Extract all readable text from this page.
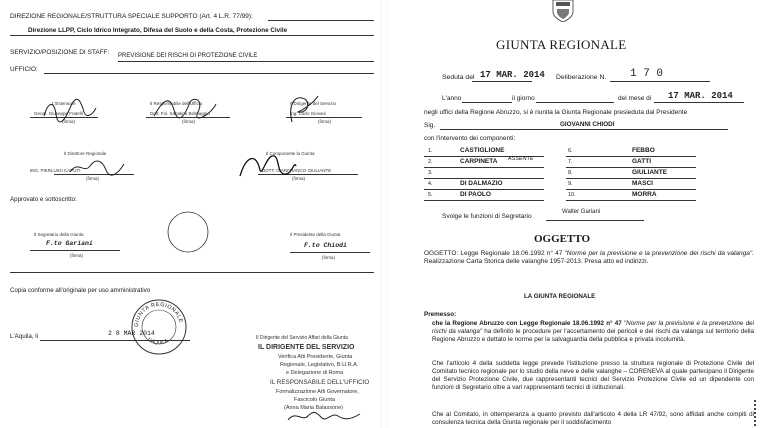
DIREZIONE REGIONALE/STRUTTURA SPECIALE SUPPORTO (Art. 4 L.R. 77/99):
Direzione LLPP, Ciclo Idrico Integrato, Difesa del Suolo e della Costa, Protezione Civile
SERVIZIO/POSIZIONE DI STAFF: PREVISIONE DEI RISCHI DI PROTEZIONE CIVILE
UFFICIO:
L'Estensore
Geom. Giuseppe Fratelli
(firma)
Il Responsabile dell'Ufficio
Dott. Fol. Sabatino Belmaggio
(firma)
Il Dirigente del Servizio
Ing. Carlo Giovani
(firma)
Il Direttore Regionale
ING. PIERLUIGI CAPUTI
(firma)
Il Componente la Giunta
DOTT. GIANFRANCO GIULIANTE
(firma)
Approvato e sottoscritto:
Il Segretario della Giunta
F.to Gariani
(firma)
Il Presidente della Giunta
F.to Chiodi
(firma)
Copia conforme all'originale per uso amministrativo
GIUNTA REGIONALE
L'AQUILA
L'Aquila, li	2 8 MAR 2014
Il Dirigente del Servizio Affari della Giunta
IL DIRIGENTE DEL SERVIZIO
Verifica Atti Presidente, Giunta
Regionale, Legislativo, B.U.R.A.
e Delegazione di Roma
IL RESPONSABILE DELL'UFFICIO
Formalizzazione Atti Governatore,
Fascicolo Giunta
(Anna Maria Balassone)
GIUNTA REGIONALE
Seduta del 17 MAR. 2014 Deliberazione N. 1 7 0
L'anno	il giorno	del mese di 17 MAR. 2014
negli uffici della Regione Abruzzo, si è riunita la Giunta Regionale presieduta dal Presidente
Sig.	GIOVANNI CHIODI
con l'intervento dei componenti:
1.	CASTIGLIONE
2.	CARPINETA ASSENTE
3.
4.	DI DALMAZIO
5.	DI PAOLO
6.	FEBBO
7.	GATTI
8.	GIULIANTE
9.	MASCI
10.	MORRA
Svolge le funzioni di Segretario
Walter Gariani
OGGETTO
OGGETTO: Legge Regionale 18.06.1992 n° 47 "Norme per la previsione e la prevenzione dei rischi da valanga". Realizzazione Carta Storica delle valanghe 1957-2013. Presa atto ed indirizzi.
LA GIUNTA REGIONALE
Premesso:
che la Regione Abruzzo con Legge Regionale 18.06.1992 n° 47 "Norme per la previsione e la prevenzione dei rischi da valanga" ha definito le procedure per l'accertamento dei pericoli e dei rischi da valanga sul territorio della Regione Abruzzo e dettato le norme per la salvaguardia della pubblica e privata incolumità.
Che l'articolo 4 della suddetta legge prevede l'istituzione presso la struttura regionale di Protezione Civile del Comitato tecnico regionale per lo studio della neve e delle valanghe – CORENEVA al quale partecipano il Dirigente del Servizio Protezione Civile, due rappresentanti tecnici del Servizio Protezione Civile ed un dipendente con funzioni di Segretario oltre a vari rappresentanti tecnici di istituzionali.
Che al Comitato, in ottemperanza a quanto previsto dall'articolo 4 della LR 47/92, sono affidati anche compiti di consulenza tecnica della Giunta regionale per il soddisfacimento
